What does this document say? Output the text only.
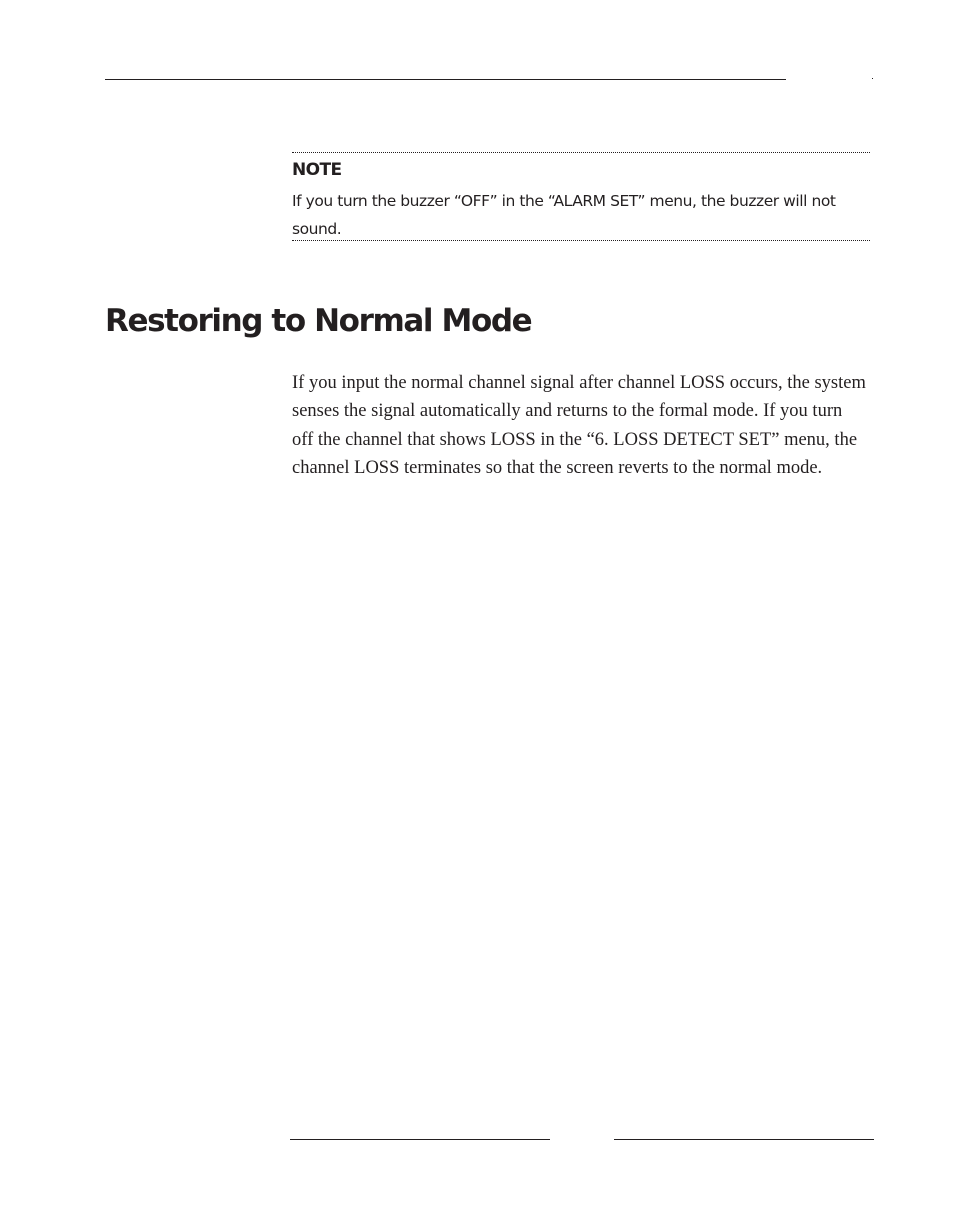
NOTE
If you turn the buzzer “OFF” in the “ALARM SET” menu, the buzzer will not sound.
Restoring to Normal Mode

If you input the normal channel signal after channel LOSS occurs, the system senses the signal automatically and returns to the formal mode. If you turn off the channel that shows LOSS in the “6. LOSS DETECT SET” menu, the channel LOSS terminates so that the screen reverts to the normal mode.
